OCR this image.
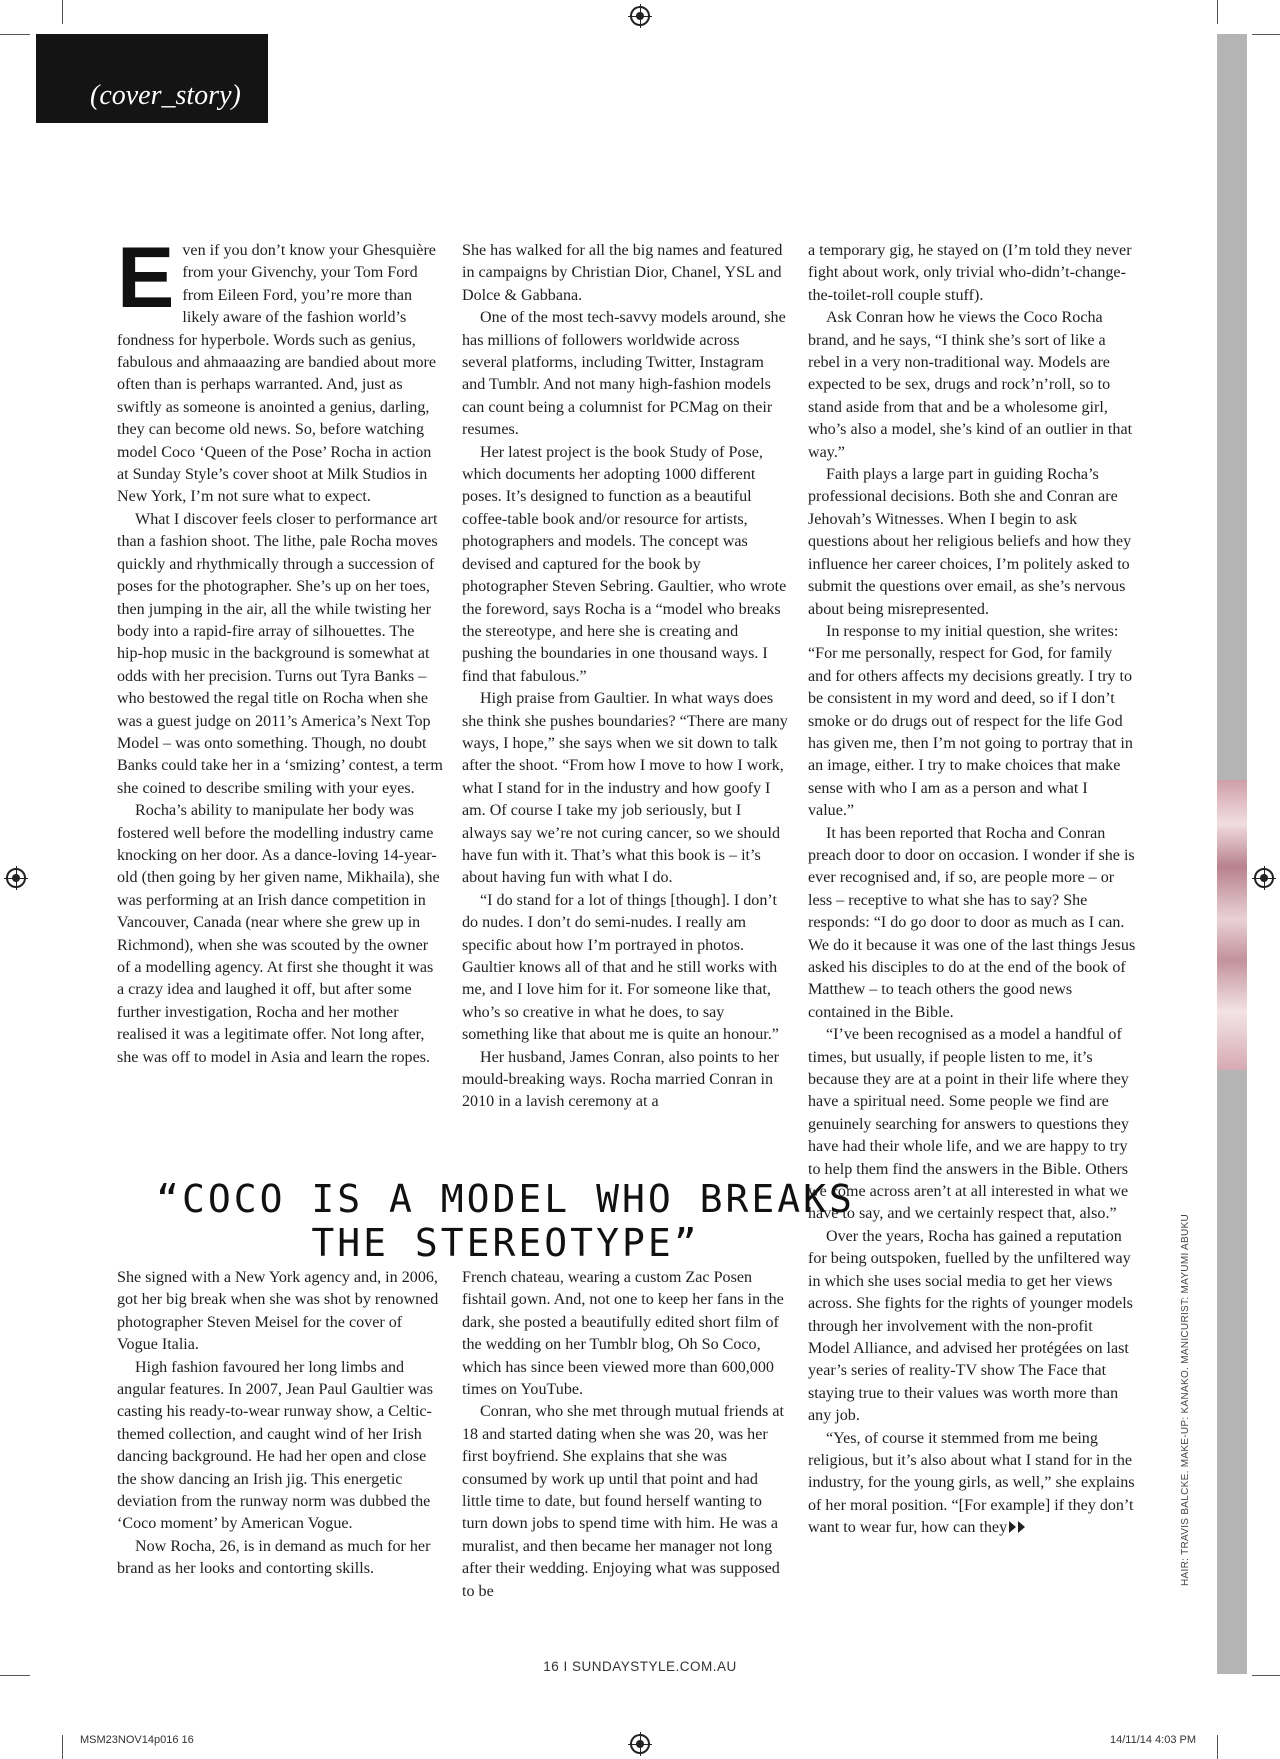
(cover_story)

Even if you don’t know your Ghesquière from your Givenchy, your Tom Ford from Eileen Ford, you’re more than likely aware of the fashion world’s fondness for hyperbole. Words such as genius, fabulous and ahmaaazing are bandied about more often than is perhaps warranted. And, just as swiftly as someone is anointed a genius, darling, they can become old news. So, before watching model Coco ‘Queen of the Pose’ Rocha in action at Sunday Style’s cover shoot at Milk Studios in New York, I’m not sure what to expect.

What I discover feels closer to performance art than a fashion shoot. The lithe, pale Rocha moves quickly and rhythmically through a succession of poses for the photographer. She’s up on her toes, then jumping in the air, all the while twisting her body into a rapid-fire array of silhouettes. The hip-hop music in the background is somewhat at odds with her precision. Turns out Tyra Banks – who bestowed the regal title on Rocha when she was a guest judge on 2011’s America’s Next Top Model – was onto something. Though, no doubt Banks could take her in a ‘smizing’ contest, a term she coined to describe smiling with your eyes.

Rocha’s ability to manipulate her body was fostered well before the modelling industry came knocking on her door. As a dance-loving 14-year-old (then going by her given name, Mikhaila), she was performing at an Irish dance competition in Vancouver, Canada (near where she grew up in Richmond), when she was scouted by the owner of a modelling agency. At first she thought it was a crazy idea and laughed it off, but after some further investigation, Rocha and her mother realised it was a legitimate offer. Not long after, she was off to model in Asia and learn the ropes.

She has walked for all the big names and featured in campaigns by Christian Dior, Chanel, YSL and Dolce & Gabbana.

One of the most tech-savvy models around, she has millions of followers worldwide across several platforms, including Twitter, Instagram and Tumblr. And not many high-fashion models can count being a columnist for PCMag on their resumes.

Her latest project is the book Study of Pose, which documents her adopting 1000 different poses. It’s designed to function as a beautiful coffee-table book and/or resource for artists, photographers and models. The concept was devised and captured for the book by photographer Steven Sebring. Gaultier, who wrote the foreword, says Rocha is a “model who breaks the stereotype, and here she is creating and pushing the boundaries in one thousand ways. I find that fabulous.”

High praise from Gaultier. In what ways does she think she pushes boundaries? “There are many ways, I hope,” she says when we sit down to talk after the shoot. “From how I move to how I work, what I stand for in the industry and how goofy I am. Of course I take my job seriously, but I always say we’re not curing cancer, so we should have fun with it. That’s what this book is – it’s about having fun with what I do.

“I do stand for a lot of things [though]. I don’t do nudes. I don’t do semi-nudes. I really am specific about how I’m portrayed in photos. Gaultier knows all of that and he still works with me, and I love him for it. For someone like that, who’s so creative in what he does, to say something like that about me is quite an honour.”

Her husband, James Conran, also points to her mould-breaking ways. Rocha married Conran in 2010 in a lavish ceremony at a

a temporary gig, he stayed on (I’m told they never fight about work, only trivial who-didn’t-change-the-toilet-roll couple stuff).

Ask Conran how he views the Coco Rocha brand, and he says, “I think she’s sort of like a rebel in a very non-traditional way. Models are expected to be sex, drugs and rock’n’roll, so to stand aside from that and be a wholesome girl, who’s also a model, she’s kind of an outlier in that way.”

Faith plays a large part in guiding Rocha’s professional decisions. Both she and Conran are Jehovah’s Witnesses. When I begin to ask questions about her religious beliefs and how they influence her career choices, I’m politely asked to submit the questions over email, as she’s nervous about being misrepresented.

In response to my initial question, she writes: “For me personally, respect for God, for family and for others affects my decisions greatly. I try to be consistent in my word and deed, so if I don’t smoke or do drugs out of respect for the life God has given me, then I’m not going to portray that in an image, either. I try to make choices that make sense with who I am as a person and what I value.”

It has been reported that Rocha and Conran preach door to door on occasion. I wonder if she is ever recognised and, if so, are people more – or less – receptive to what she has to say? She responds: “I do go door to door as much as I can. We do it because it was one of the last things Jesus asked his disciples to do at the end of the book of Matthew – to teach others the good news contained in the Bible.

“I’ve been recognised as a model a handful of times, but usually, if people listen to me, it’s because they are at a point in their life where they have a spiritual need. Some people we find are genuinely searching for answers to questions they have had their whole life, and we are happy to try to help them find the answers in the Bible. Others we come across aren’t at all interested in what we have to say, and we certainly respect that, also.”

Over the years, Rocha has gained a reputation for being outspoken, fuelled by the unfiltered way in which she uses social media to get her views across. She fights for the rights of younger models through her involvement with the non-profit Model Alliance, and advised her protégées on last year’s series of reality-TV show The Face that staying true to their values was worth more than any job.

“Yes, of course it stemmed from me being religious, but it’s also about what I stand for in the industry, for the young girls, as well,” she explains of her moral position. “[For example] if they don’t want to wear fur, how can they

“COCO IS A MODEL WHO BREAKS THE STEREOTYPE”

She signed with a New York agency and, in 2006, got her big break when she was shot by renowned photographer Steven Meisel for the cover of Vogue Italia.

High fashion favoured her long limbs and angular features. In 2007, Jean Paul Gaultier was casting his ready-to-wear runway show, a Celtic-themed collection, and caught wind of her Irish dancing background. He had her open and close the show dancing an Irish jig. This energetic deviation from the runway norm was dubbed the ‘Coco moment’ by American Vogue.

Now Rocha, 26, is in demand as much for her brand as her looks and contorting skills.

French chateau, wearing a custom Zac Posen fishtail gown. And, not one to keep her fans in the dark, she posted a beautifully edited short film of the wedding on her Tumblr blog, Oh So Coco, which has since been viewed more than 600,000 times on YouTube.

Conran, who she met through mutual friends at 18 and started dating when she was 20, was her first boyfriend. She explains that she was consumed by work up until that point and had little time to date, but found herself wanting to turn down jobs to spend time with him. He was a muralist, and then became her manager not long after their wedding. Enjoying what was supposed to be

HAIR: TRAVIS BALCKE. MAKE-UP: KANAKO. MANICURIST: MAYUMI ABUKU
16 I SUNDAYSTYLE.COM.AU
MSM23NOV14p016 16	14/11/14 4:03 PM
